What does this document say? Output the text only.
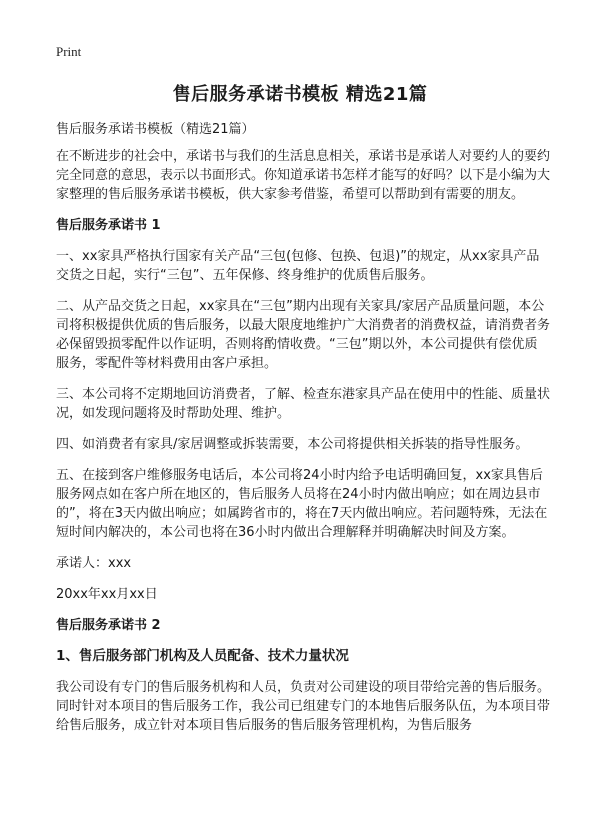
Print
售后服务承诺书模板 精选21篇

售后服务承诺书模板（精选21篇）

在不断进步的社会中，承诺书与我们的生活息息相关，承诺书是承诺人对要约人的要约完全同意的意思，表示以书面形式。你知道承诺书怎样才能写的好吗？以下是小编为大家整理的售后服务承诺书模板，供大家参考借鉴，希望可以帮助到有需要的朋友。

售后服务承诺书 1

一、xx家具严格执行国家有关产品“三包(包修、包换、包退)”的规定，从xx家具产品交货之日起，实行“三包”、五年保修、终身维护的优质售后服务。

二、从产品交货之日起，xx家具在“三包”期内出现有关家具/家居产品质量问题，本公司将积极提供优质的售后服务，以最大限度地维护广大消费者的消费权益，请消费者务必保留毁损零配件以作证明，否则将酌情收费。“三包”期以外，本公司提供有偿优质服务，零配件等材料费用由客户承担。

三、本公司将不定期地回访消费者，了解、检查东港家具产品在使用中的性能、质量状况，如发现问题将及时帮助处理、维护。

四、如消费者有家具/家居调整或拆装需要，本公司将提供相关拆装的指导性服务。

五、在接到客户维修服务电话后，本公司将24小时内给予电话明确回复，xx家具售后服务网点如在客户所在地区的，售后服务人员将在24小时内做出响应；如在周边县市的”，将在3天内做出响应；如属跨省市的，将在7天内做出响应。若问题特殊，无法在短时间内解决的，本公司也将在36小时内做出合理解释并明确解决时间及方案。

承诺人：xxx

20xx年xx月xx日

售后服务承诺书 2
1、售后服务部门机构及人员配备、技术力量状况

我公司设有专门的售后服务机构和人员，负责对公司建设的项目带给完善的售后服务。同时针对本项目的售后服务工作，我公司已组建专门的本地售后服务队伍，为本项目带给售后服务，成立针对本项目售后服务的售后服务管理机构，为售后服务
